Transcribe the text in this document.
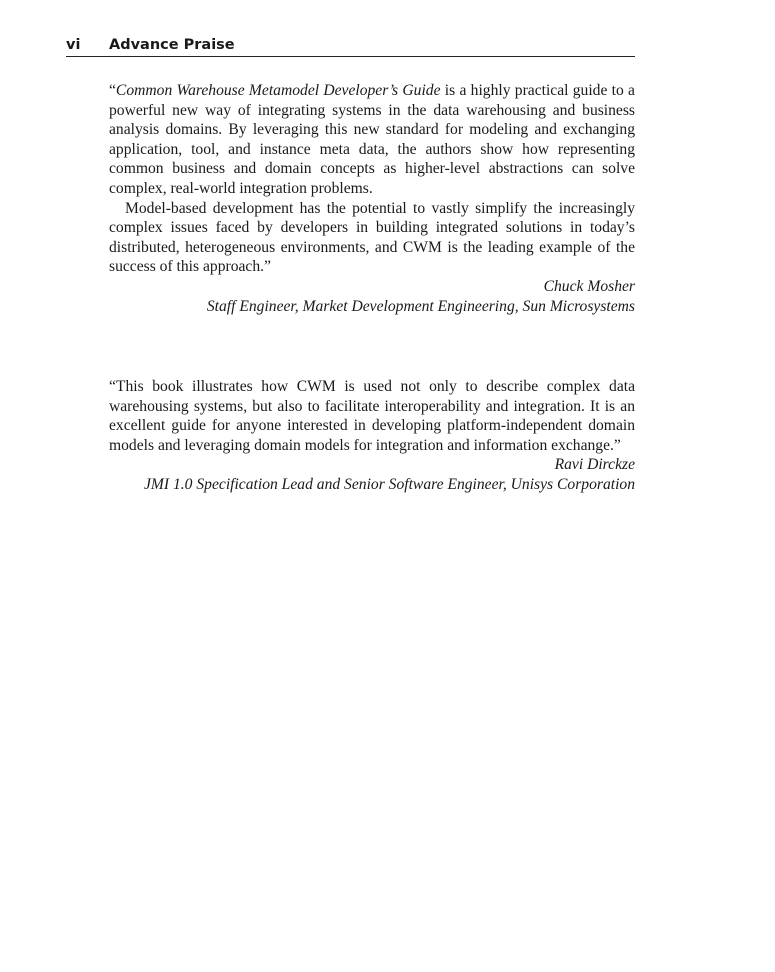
vi Advance Praise

“Common Warehouse Metamodel Developer’s Guide is a highly practical guide to a powerful new way of integrating systems in the data warehousing and business analysis domains. By leveraging this new standard for modeling and exchanging application, tool, and instance meta data, the authors show how representing common business and domain concepts as higher-level abstractions can solve complex, real-world integration problems.

Model-based development has the potential to vastly simplify the increasingly complex issues faced by developers in building integrated solutions in today’s distributed, heterogeneous environments, and CWM is the leading example of the success of this approach.”

Chuck Mosher
Staff Engineer, Market Development Engineering, Sun Microsystems

“This book illustrates how CWM is used not only to describe complex data warehousing systems, but also to facilitate interoperability and integration. It is an excellent guide for anyone interested in developing platform-independent domain models and leveraging domain models for integration and information exchange.”

Ravi Dirckze
JMI 1.0 Specification Lead and Senior Software Engineer, Unisys Corporation
